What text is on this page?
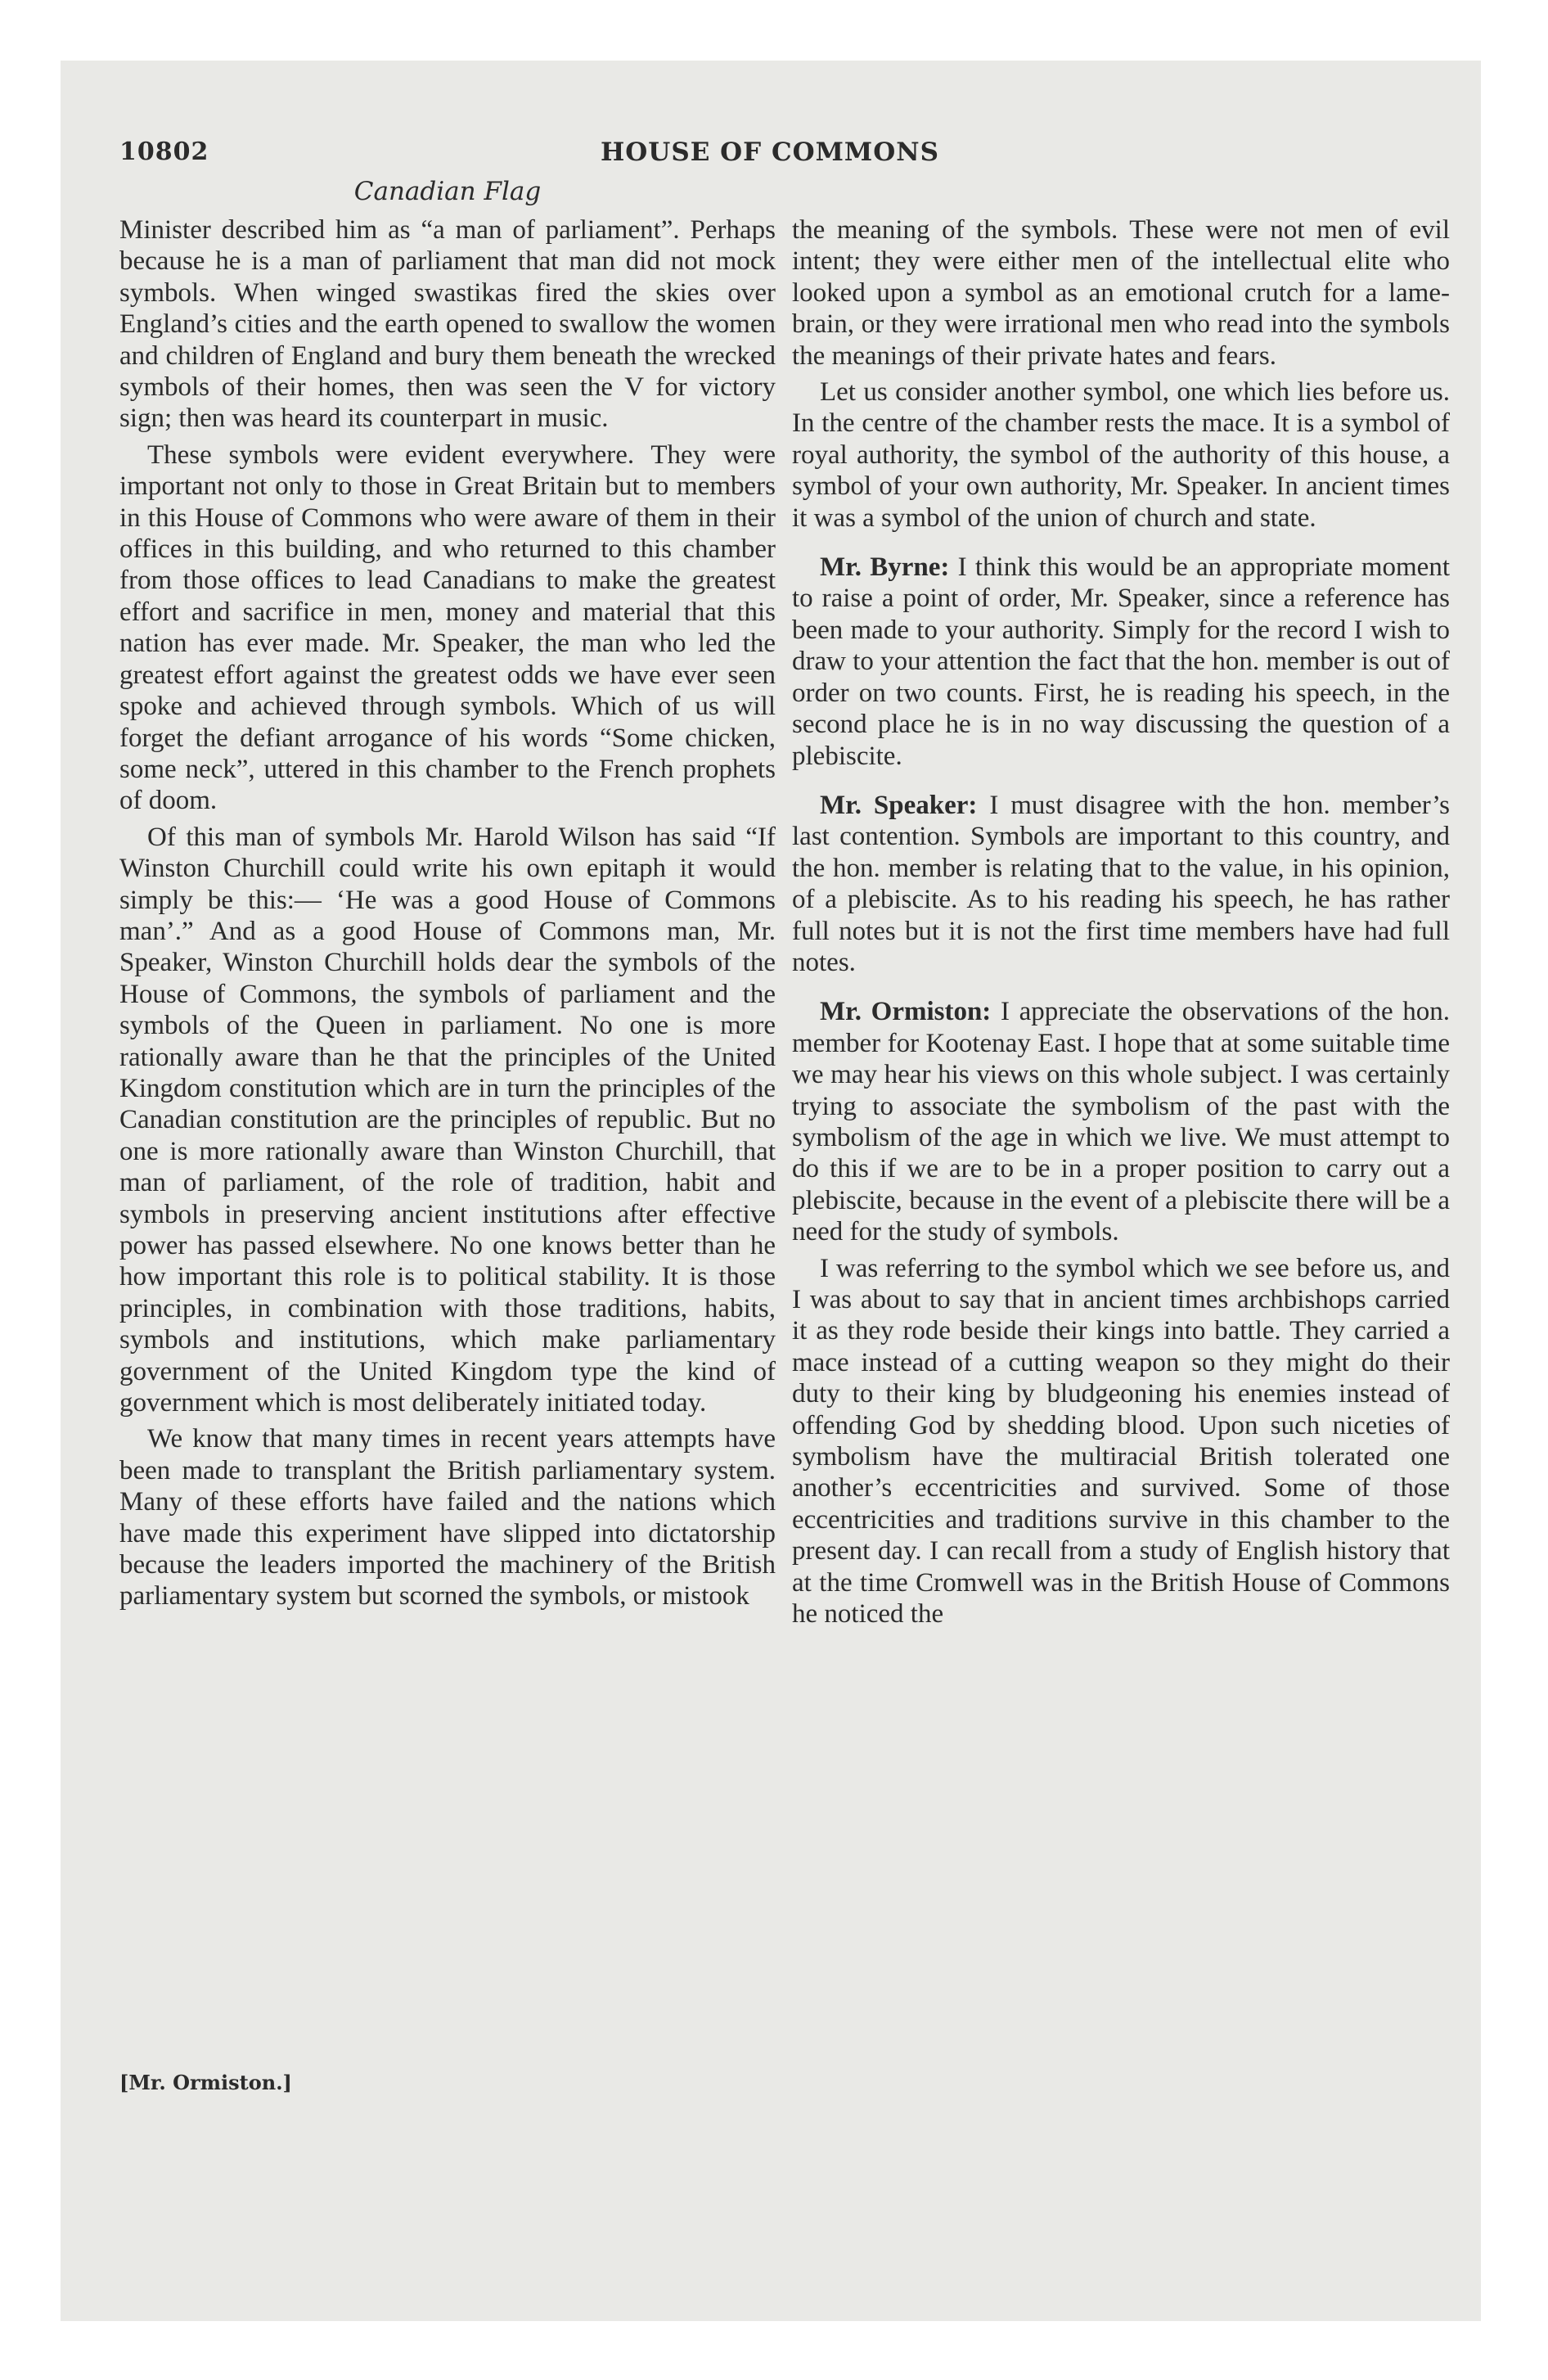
10802	HOUSE OF COMMONS
Canadian Flag

Minister described him as “a man of parliament”. Perhaps because he is a man of parliament that man did not mock symbols. When winged swastikas fired the skies over England’s cities and the earth opened to swallow the women and children of England and bury them beneath the wrecked symbols of their homes, then was seen the V for victory sign; then was heard its counterpart in music.

These symbols were evident everywhere. They were important not only to those in Great Britain but to members in this House of Commons who were aware of them in their offices in this building, and who returned to this chamber from those offices to lead Canadians to make the greatest effort and sacrifice in men, money and material that this nation has ever made. Mr. Speaker, the man who led the greatest effort against the greatest odds we have ever seen spoke and achieved through symbols. Which of us will forget the defiant arrogance of his words “Some chicken, some neck”, uttered in this chamber to the French prophets of doom.

Of this man of symbols Mr. Harold Wilson has said “If Winston Churchill could write his own epitaph it would simply be this:— ‘He was a good House of Commons man’.” And as a good House of Commons man, Mr. Speaker, Winston Churchill holds dear the symbols of the House of Commons, the symbols of parliament and the symbols of the Queen in parliament. No one is more rationally aware than he that the principles of the United Kingdom constitution which are in turn the principles of the Canadian constitution are the principles of republic. But no one is more rationally aware than Winston Churchill, that man of parliament, of the role of tradition, habit and symbols in preserving ancient institutions after effective power has passed elsewhere. No one knows better than he how important this role is to political stability. It is those principles, in combination with those traditions, habits, symbols and institutions, which make parliamentary government of the United Kingdom type the kind of government which is most deliberately initiated today.

We know that many times in recent years attempts have been made to transplant the British parliamentary system. Many of these efforts have failed and the nations which have made this experiment have slipped into dictatorship because the leaders imported the machinery of the British parliamentary system but scorned the symbols, or mistook

[Mr. Ormiston.]

the meaning of the symbols. These were not men of evil intent; they were either men of the intellectual elite who looked upon a symbol as an emotional crutch for a lame-brain, or they were irrational men who read into the symbols the meanings of their private hates and fears.

Let us consider another symbol, one which lies before us. In the centre of the chamber rests the mace. It is a symbol of royal authority, the symbol of the authority of this house, a symbol of your own authority, Mr. Speaker. In ancient times it was a symbol of the union of church and state.

Mr. Byrne: I think this would be an appropriate moment to raise a point of order, Mr. Speaker, since a reference has been made to your authority. Simply for the record I wish to draw to your attention the fact that the hon. member is out of order on two counts. First, he is reading his speech, in the second place he is in no way discussing the question of a plebiscite.

Mr. Speaker: I must disagree with the hon. member’s last contention. Symbols are important to this country, and the hon. member is relating that to the value, in his opinion, of a plebiscite. As to his reading his speech, he has rather full notes but it is not the first time members have had full notes.

Mr. Ormiston: I appreciate the observations of the hon. member for Kootenay East. I hope that at some suitable time we may hear his views on this whole subject. I was certainly trying to associate the symbolism of the past with the symbolism of the age in which we live. We must attempt to do this if we are to be in a proper position to carry out a plebiscite, because in the event of a plebiscite there will be a need for the study of symbols.

I was referring to the symbol which we see before us, and I was about to say that in ancient times archbishops carried it as they rode beside their kings into battle. They carried a mace instead of a cutting weapon so they might do their duty to their king by bludgeoning his enemies instead of offending God by shedding blood. Upon such niceties of symbolism have the multiracial British tolerated one another’s eccentricities and survived. Some of those eccentricities and traditions survive in this chamber to the present day. I can recall from a study of English history that at the time Cromwell was in the British House of Commons he noticed the
